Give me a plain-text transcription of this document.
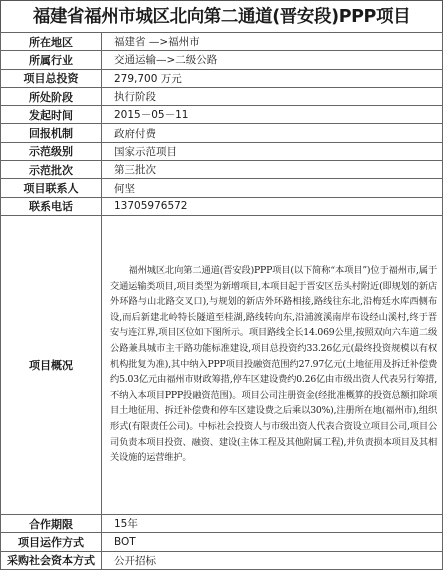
福建省福州市城区北向第二通道(晋安段)PPP项目
所在地区	福建省 —>福州市
所属行业	交通运输—>二级公路
项目总投资	279,700 万元
所处阶段	执行阶段
发起时间	2015－05－11
回报机制	政府付费
示范级别	国家示范项目
示范批次	第三批次
项目联系人	何坚
联系电话	13705976572
项目概况	福州城区北向第二通道(晋安段)PPP项目(以下简称“本项目”)位于福州市,属于交通运输类项目,项目类型为新增项目,本项目起于晋安区岳头村附近(即规划的新店外环路与山北路交叉口),与规划的新店外环路相接,路线往东北,沿梅廷水库西侧布设,而后新建北岭特长隧道至桂湖,路线转向东,沿浦渡溪南岸布设经山溪村,终于晋安与连江界,项目区位如下图所示。项目路线全长14.069公里,按照双向六车道二级公路兼具城市主干路功能标准建设,项目总投资约33.26亿元(最终投资规模以有权机构批复为准),其中纳入PPP项目投融资范围约27.97亿元(土地征用及拆迁补偿费约5.03亿元由福州市财政筹措,停车区建设费约0.26亿由市级出资人代表另行筹措,不纳入本项目PPP投融资范围)。项目公司注册资金(经批准概算的投资总额扣除项目土地征用、拆迁补偿费和停车区建设费之后乘以30%),注册所在地(福州市),组织形式(有限责任公司)。中标社会投资人与市级出资人代表合资设立项目公司,项目公司负责本项目投资、融资、建设(主体工程及其他附属工程),并负责损本项目及其相关设施的运营维护。

合作期限	15年
项目运作方式	BOT
采购社会资本方式	公开招标
